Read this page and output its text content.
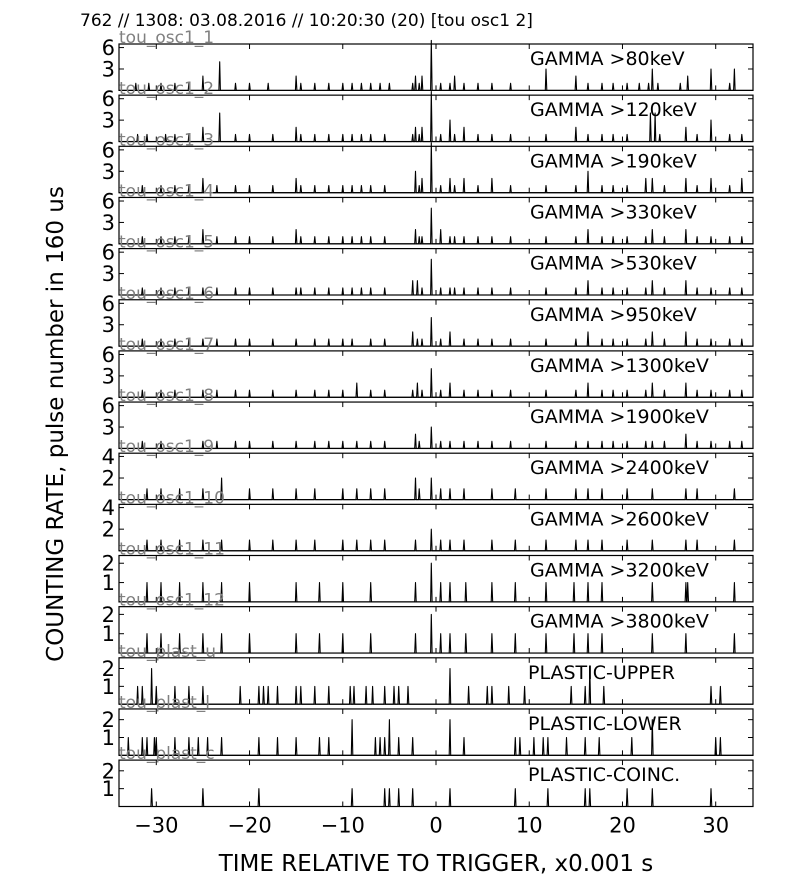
762 // 1308: 03.08.2016 // 10:20:30 (20) [tou osc1 2]
3
6	GAMMA >80keV
tou_osc1_1
3
6	GAMMA >120keV
tou_osc1_2
3
6	GAMMA >190keV
tou_osc1_3
3
6	GAMMA >330keV
tou_osc1_4
3
6	GAMMA >530keV
tou_osc1_5
3
6	GAMMA >950keV
tou_osc1_6
3
6	GAMMA >1300keV
tou_osc1_7
3
6	GAMMA >1900keV
tou_osc1_8
2
4	GAMMA >2400keV
tou_osc1_9
2
4	GAMMA >2600keV
tou_osc1_10
1
2	GAMMA >3200keV
tou_osc1_11
1
2	GAMMA >3800keV
tou_osc1_12
1
2	PLASTIC-UPPER
tou_plast_u
1
2	PLASTIC-LOWER
tou_plast_l
1
2	PLASTIC-COINC.
tou_plast_c
−30 −20 −10	0	10	20	30
COUNTING RATE, pulse number in 160 us
TIME RELATIVE TO TRIGGER, x0.001 s
